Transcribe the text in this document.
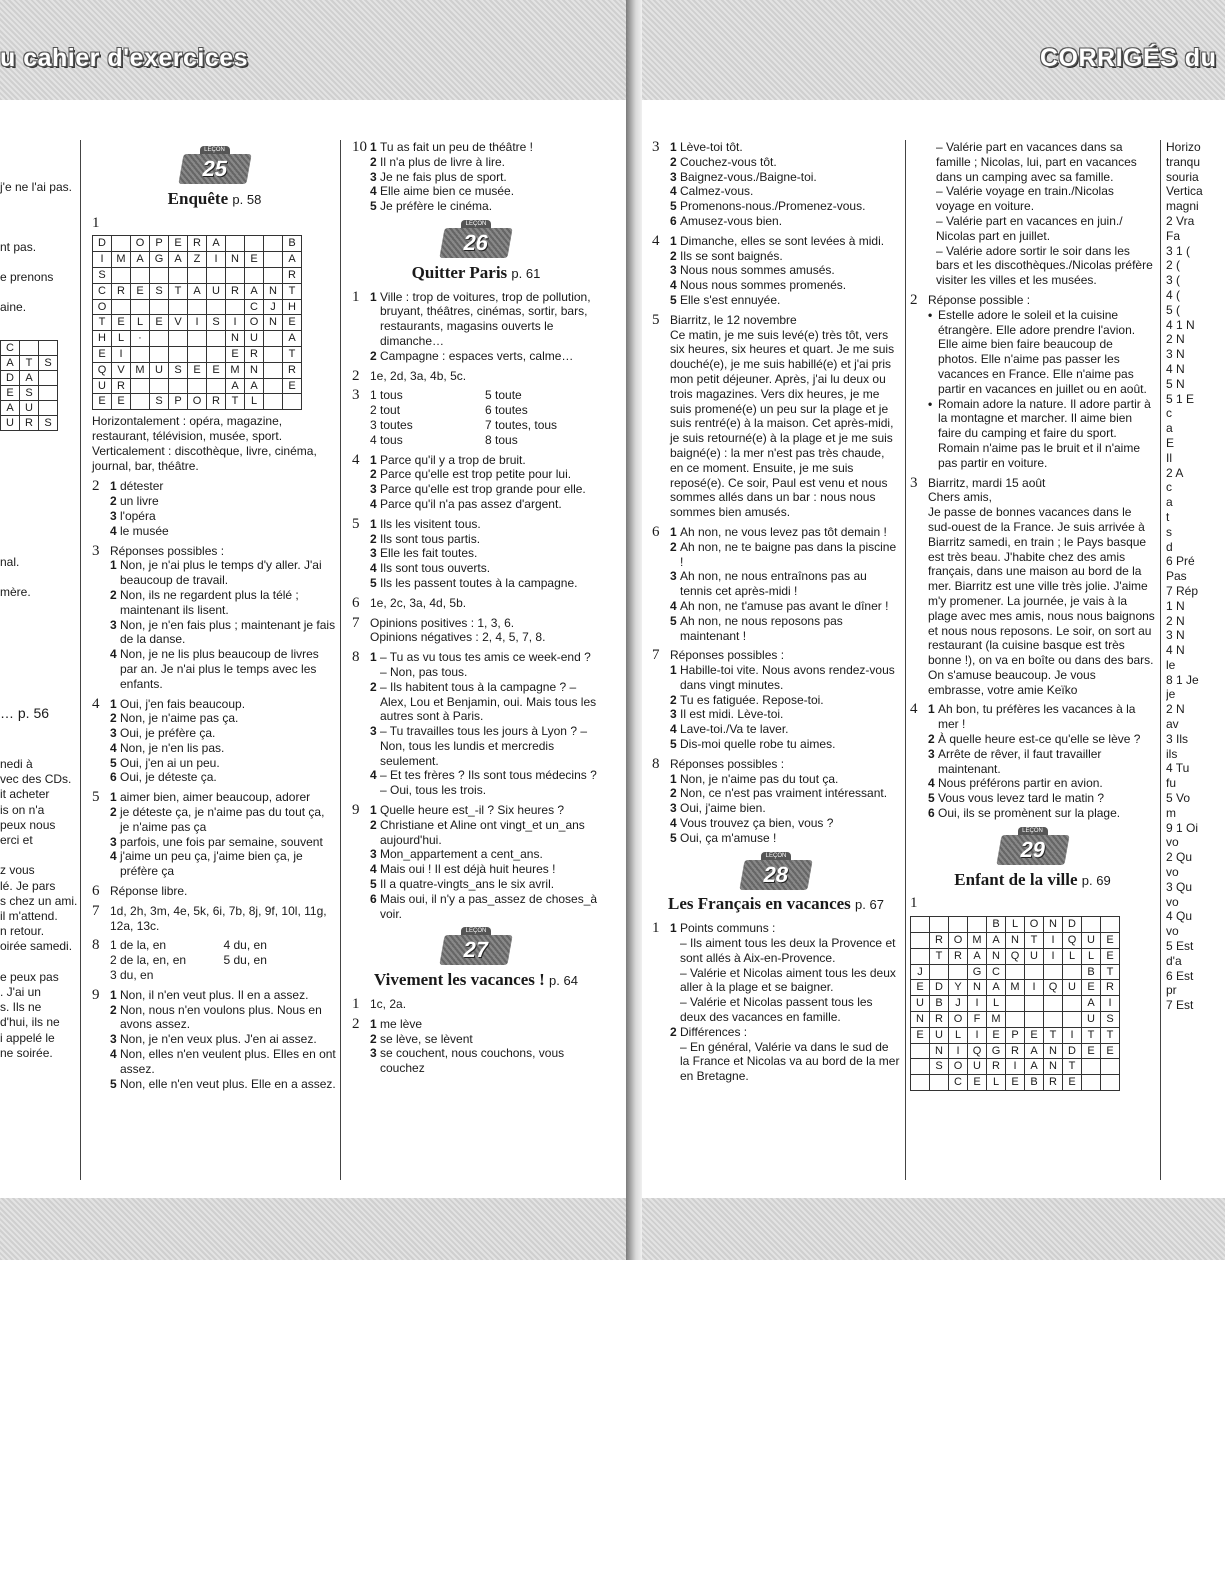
u cahier d'exercices	CORRIGÉS du
j'e ne l'ai pas.
nt pas.
e prenons
aine.
C		
A	T	S
D	A	
E	S	
A	U	
U	R	S
nal.
mère.
… p. 56
nedi à
vec des CDs.
it acheter
is on n'a
peux nous
erci et
z vous
lé. Je pars
s chez un ami.
il m'attend.
n retour.
oirée samedi.
e peux pas
. J'ai un
s. Ils ne
d'hui, ils ne
i appelé le
ne soirée.
LEÇON
25
Enquête p. 58
1
D		O	P	E	R	A				B
I	M	A	G	A	Z	I	N	E		A
S										R
C	R	E	S	T	A	U	R	A	N	T
O								C	J	H
T	E	L	E	V	I	S	I	O	N	E
H	L	·					N	U		A
E	I						E	R		T
Q	V	M	U	S	E	E	M	N		R
U	R						A	A		E
E	E		S	P	O	R	T	L		
Horizontalement : opéra, magazine,
restaurant, télévision, musée, sport.
Verticalement : discothèque, livre, cinéma,
journal, bar, théâtre.
2 1 détester
2 un livre
3 l'opéra
4 le musée
3 Réponses possibles :
1 Non, je n'ai plus le temps d'y aller. J'ai beaucoup de travail.
2 Non, ils ne regardent plus la télé ; maintenant ils lisent.
3 Non, je n'en fais plus ; maintenant je fais de la danse.
4 Non, je ne lis plus beaucoup de livres par an. Je n'ai plus le temps avec les enfants.
4 1 Oui, j'en fais beaucoup.
2 Non, je n'aime pas ça.
3 Oui, je préfère ça.
4 Non, je n'en lis pas.
5 Oui, j'en ai un peu.
6 Oui, je déteste ça.
5 1 aimer bien, aimer beaucoup, adorer
2 je déteste ça, je n'aime pas du tout ça, je n'aime pas ça
3 parfois, une fois par semaine, souvent
4 j'aime un peu ça, j'aime bien ça, je préfère ça
6 Réponse libre.
7 1d, 2h, 3m, 4e, 5k, 6i, 7b, 8j, 9f, 10l, 11g, 12a, 13c.
8 1 de la, en	4 du, en
2 de la, en, en	5 du, en
3 du, en
9 1 Non, il n'en veut plus. Il en a assez.
2 Non, nous n'en voulons plus. Nous en avons assez.
3 Non, je n'en veux plus. J'en ai assez.
4 Non, elles n'en veulent plus. Elles en ont assez.
5 Non, elle n'en veut plus. Elle en a assez.
10 1 Tu as fait un peu de théâtre !
2 Il n'a plus de livre à lire.
3 Je ne fais plus de sport.
4 Elle aime bien ce musée.
5 Je préfère le cinéma.
LEÇON
26
Quitter Paris p. 61
1 1 Ville : trop de voitures, trop de pollution, bruyant, théâtres, cinémas, sortir, bars, restaurants, magasins ouverts le dimanche…
2 Campagne : espaces verts, calme…
2 1e, 2d, 3a, 4b, 5c.
3 1 tous	5 toute
2 tout	6 toutes
3 toutes	7 toutes, tous
4 tous	8 tous
4 1 Parce qu'il y a trop de bruit.
2 Parce qu'elle est trop petite pour lui.
3 Parce qu'elle est trop grande pour elle.
4 Parce qu'il n'a pas assez d'argent.
5 1 Ils les visitent tous.
2 Ils sont tous partis.
3 Elle les fait toutes.
4 Ils sont tous ouverts.
5 Ils les passent toutes à la campagne.
6 1e, 2c, 3a, 4d, 5b.
7 Opinions positives : 1, 3, 6.
Opinions négatives : 2, 4, 5, 7, 8.
8 1 – Tu as vu tous tes amis ce week-end ? – Non, pas tous.
2 – Ils habitent tous à la campagne ? – Alex, Lou et Benjamin, oui. Mais tous les autres sont à Paris.
3 – Tu travailles tous les jours à Lyon ? – Non, tous les lundis et mercredis seulement.
4 – Et tes frères ? Ils sont tous médecins ? – Oui, tous les trois.
9 1 Quelle heure est_-il ? Six heures ?
2 Christiane et Aline ont vingt_et un_ans aujourd'hui.
3 Mon_appartement a cent_ans.
4 Mais oui ! Il est déjà huit heures !
5 Il a quatre-vingts_ans le six avril.
6 Mais oui, il n'y a pas_assez de choses_à voir.
LEÇON
27
Vivement les vacances ! p. 64
1 1c, 2a.
2 1 me lève
2 se lève, se lèvent
3 se couchent, nous couchons, vous couchez
3 1 Lève-toi tôt.
2 Couchez-vous tôt.
3 Baignez-vous./Baigne-toi.
4 Calmez-vous.
5 Promenons-nous./Promenez-vous.
6 Amusez-vous bien.
4 1 Dimanche, elles se sont levées à midi.
2 Ils se sont baignés.
3 Nous nous sommes amusés.
4 Nous nous sommes promenés.
5 Elle s'est ennuyée.
5 Biarritz, le 12 novembre
Ce matin, je me suis levé(e) très tôt, vers six heures, six heures et quart. Je me suis douché(e), je me suis habillé(e) et j'ai pris mon petit déjeuner. Après, j'ai lu deux ou trois magazines. Vers dix heures, je me suis promené(e) un peu sur la plage et je suis rentré(e) à la maison. Cet après-midi, je suis retourné(e) à la plage et je me suis baigné(e) : la mer n'est pas très chaude, en ce moment. Ensuite, je me suis reposé(e). Ce soir, Paul est venu et nous sommes allés dans un bar : nous nous sommes bien amusés.
6 1 Ah non, ne vous levez pas tôt demain !
2 Ah non, ne te baigne pas dans la piscine !
3 Ah non, ne nous entraînons pas au tennis cet après-midi !
4 Ah non, ne t'amuse pas avant le dîner !
5 Ah non, ne nous reposons pas maintenant !
7 Réponses possibles :
1 Habille-toi vite. Nous avons rendez-vous dans vingt minutes.
2 Tu es fatiguée. Repose-toi.
3 Il est midi. Lève-toi.
4 Lave-toi./Va te laver.
5 Dis-moi quelle robe tu aimes.
8 Réponses possibles :
1 Non, je n'aime pas du tout ça.
2 Non, ce n'est pas vraiment intéressant.
3 Oui, j'aime bien.
4 Vous trouvez ça bien, vous ?
5 Oui, ça m'amuse !
LEÇON
28
Les Français en vacances p. 67
1 1 Points communs :
– Ils aiment tous les deux la Provence et sont allés à Aix-en-Provence.
– Valérie et Nicolas aiment tous les deux aller à la plage et se baigner.
– Valérie et Nicolas passent tous les deux des vacances en famille.
2 Différences :
– En général, Valérie va dans le sud de la France et Nicolas va au bord de la mer en Bretagne.
– Valérie part en vacances dans sa famille ; Nicolas, lui, part en vacances dans un camping avec sa famille.
– Valérie voyage en train./Nicolas voyage en voiture.
– Valérie part en vacances en juin./ Nicolas part en juillet.
– Valérie adore sortir le soir dans les bars et les discothèques./Nicolas préfère visiter les villes et les musées.
2 Réponse possible :
• Estelle adore le soleil et la cuisine étrangère. Elle adore prendre l'avion. Elle aime bien faire beaucoup de photos. Elle n'aime pas passer les vacances en France. Elle n'aime pas partir en vacances en juillet ou en août.
• Romain adore la nature. Il adore partir à la montagne et marcher. Il aime bien faire du camping et faire du sport. Romain n'aime pas le bruit et il n'aime pas partir en voiture.
3 Biarritz, mardi 15 août
Chers amis,
Je passe de bonnes vacances dans le sud-ouest de la France. Je suis arrivée à Biarritz samedi, en train ; le Pays basque est très beau. J'habite chez des amis français, dans une maison au bord de la mer. Biarritz est une ville très jolie. J'aime m'y promener. La journée, je vais à la plage avec mes amis, nous nous baignons et nous nous reposons. Le soir, on sort au restaurant (la cuisine basque est très bonne !), on va en boîte ou dans des bars. On s'amuse beaucoup. Je vous embrasse, votre amie Keïko
4 1 Ah bon, tu préfères les vacances à la mer !
2 À quelle heure est-ce qu'elle se lève ?
3 Arrête de rêver, il faut travailler maintenant.
4 Nous préférons partir en avion.
5 Vous vous levez tard le matin ?
6 Oui, ils se promènent sur la plage.
LEÇON
29
Enfant de la ville p. 69
1
				B	L	O	N	D		
	R	O	M	A	N	T	I	Q	U	E
	T	R	A	N	Q	U	I	L	L	E
J			G	C					B	T
E	D	Y	N	A	M	I	Q	U	E	R
U	B	J	I	L					A	I
N	R	O	F	M					U	S
E	U	L	I	E	P	E	T	I	T	T
	N	I	Q	G	R	A	N	D	E	E
	S	O	U	R	I	A	N	T		
		C	E	L	E	B	R	E		
Horizo
tranqu
souria
Vertica
magni
2 Vra
Fa
3 1 (
2 (
3 (
4 (
5 (
4 1 N
2 N
3 N
4 N
5 N
5 1 E
c
a
E
Il
2 A
c
a
t
s
d
6 Pré
Pas
7 Rép
1 N
2 N
3 N
4 N
le
8 1 Je
je
2 N
av
3 Ils
ils
4 Tu
fu
5 Vo
m
9 1 Oi
vo
2 Qu
vo
3 Qu
vo
4 Qu
vo
5 Est
d'a
6 Est
pr
7 Est
